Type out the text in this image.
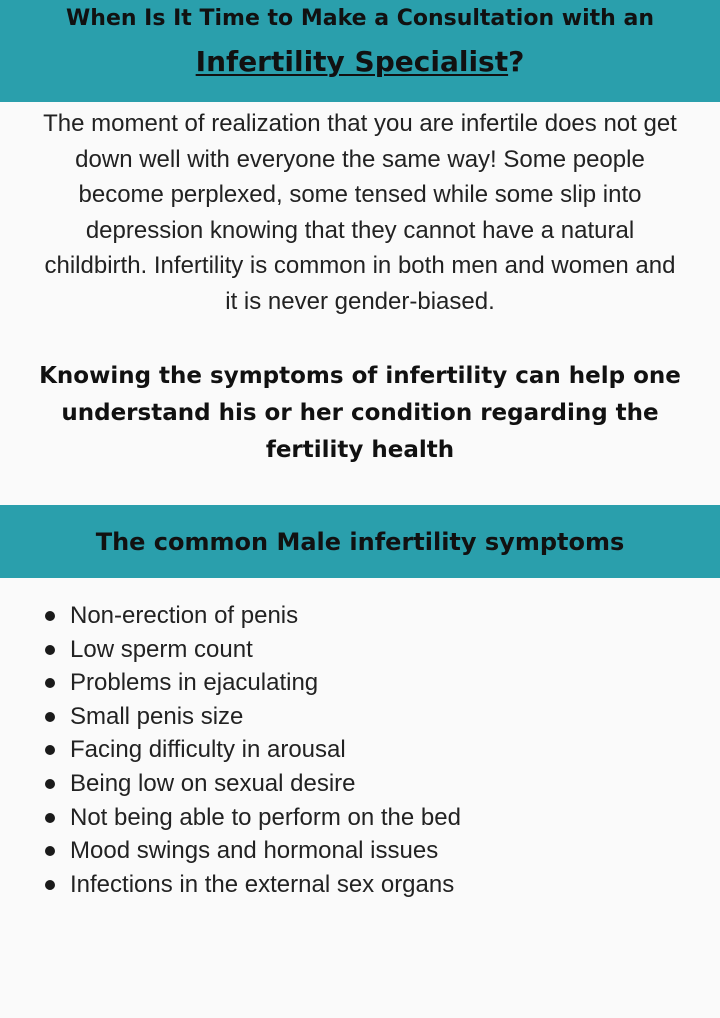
When Is It Time to Make a Consultation with an
Infertility Specialist?
The moment of realization that you are infertile does not get
down well with everyone the same way! Some people
become perplexed, some tensed while some slip into
depression knowing that they cannot have a natural
childbirth. Infertility is common in both men and women and
it is never gender-biased.
Knowing the symptoms of infertility can help one
understand his or her condition regarding the
fertility health
The common Male infertility symptoms
Non-erection of penis
Low sperm count
Problems in ejaculating
Small penis size
Facing difficulty in arousal
Being low on sexual desire
Not being able to perform on the bed
Mood swings and hormonal issues
Infections in the external sex organs
